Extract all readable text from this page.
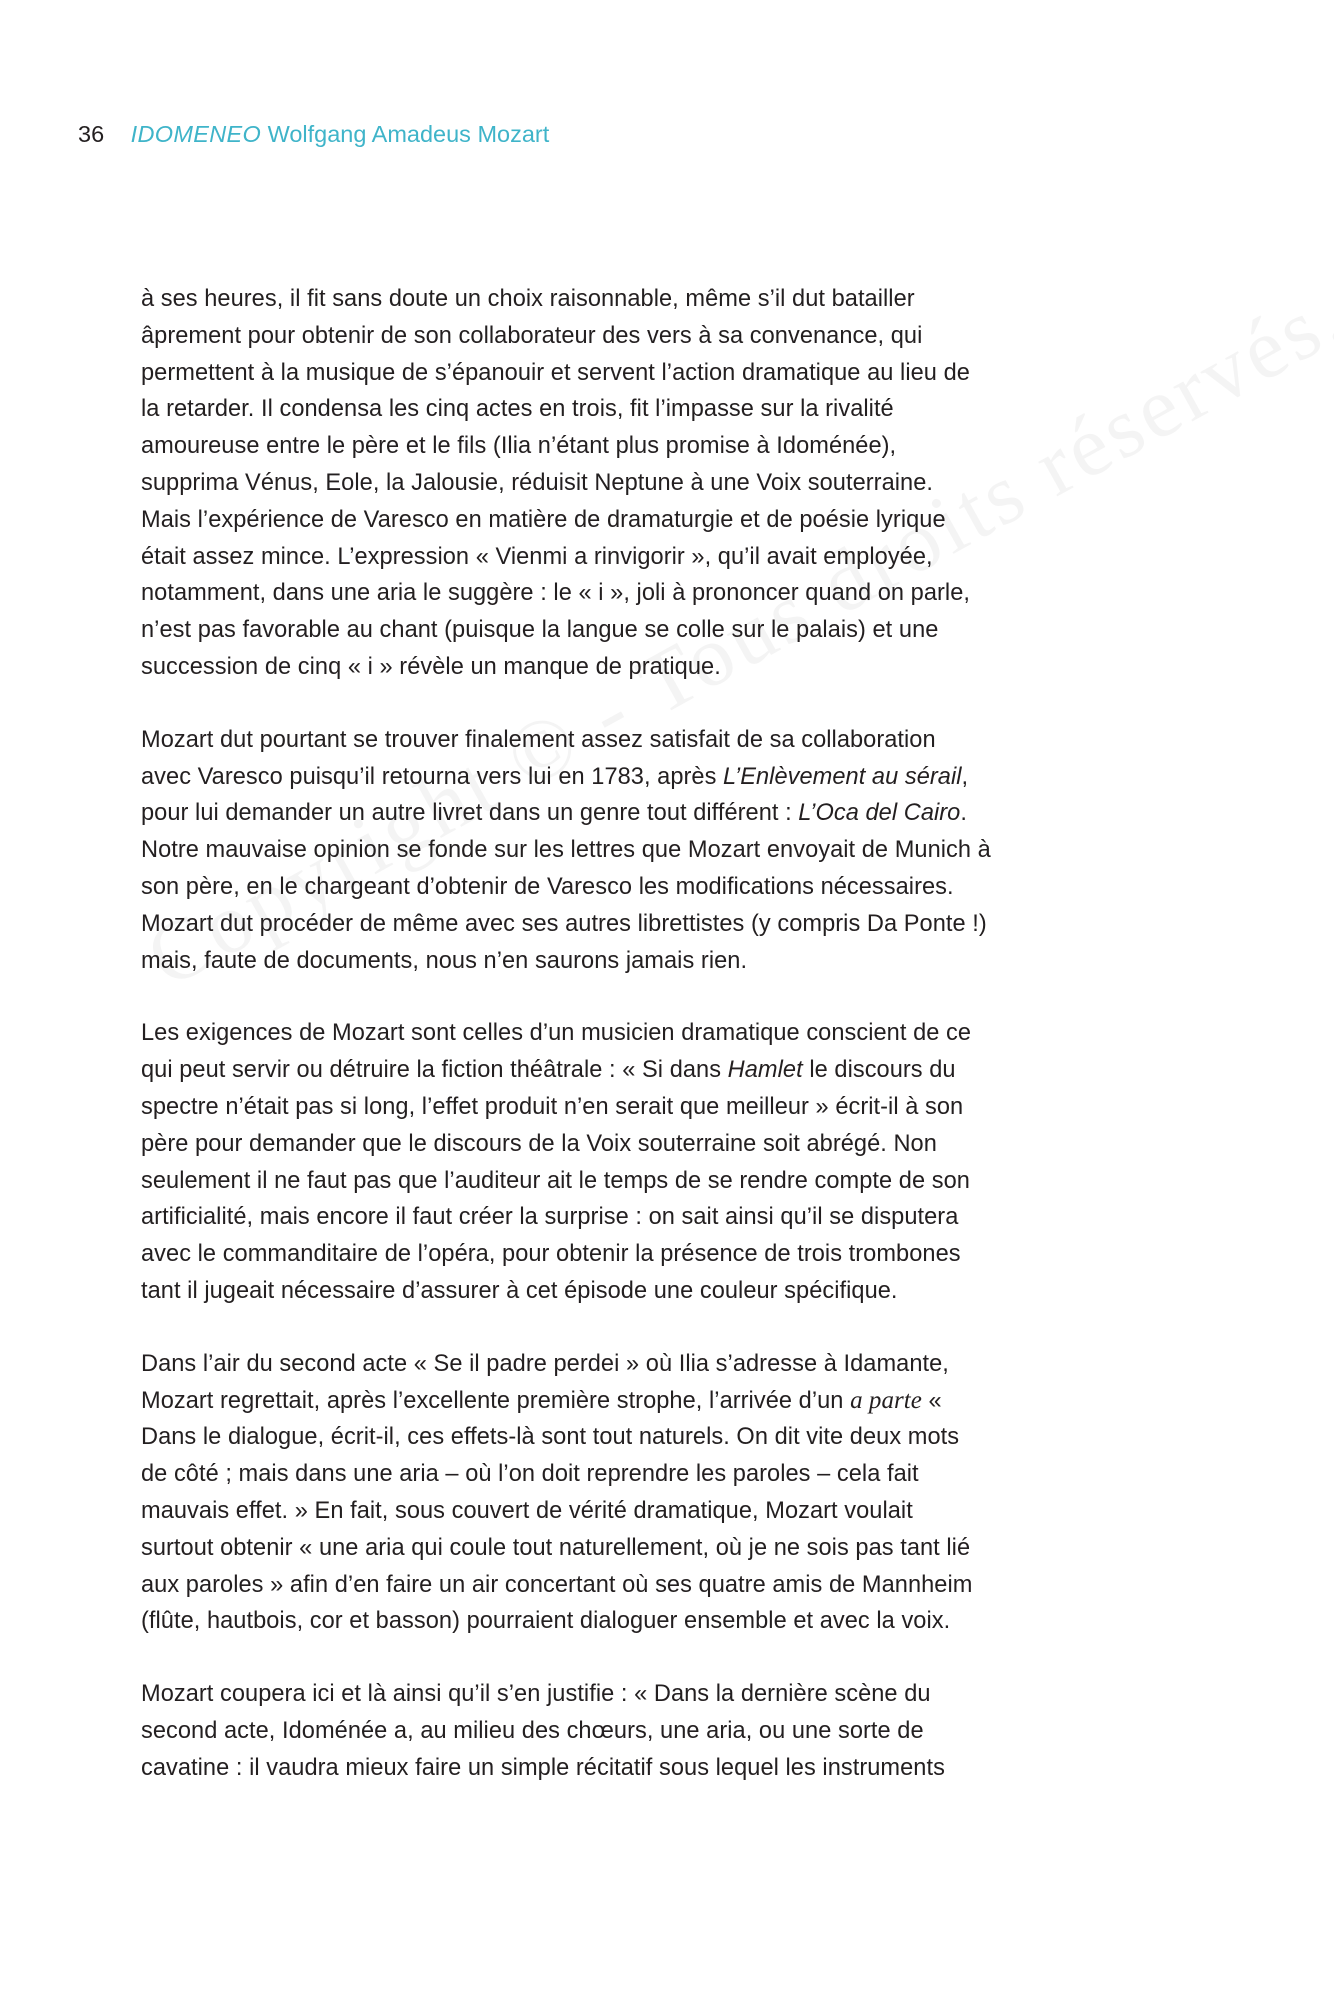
36 IDOMENEO Wolfgang Amadeus Mozart
à ses heures, il fit sans doute un choix raisonnable, même s’il dut batailler
âprement pour obtenir de son collaborateur des vers à sa convenance, qui
permettent à la musique de s’épanouir et servent l’action dramatique au lieu de
la retarder. Il condensa les cinq actes en trois, fit l’impasse sur la rivalité
amoureuse entre le père et le fils (Ilia n’étant plus promise à Idoménée),
supprima Vénus, Eole, la Jalousie, réduisit Neptune à une Voix souterraine.
Mais l’expérience de Varesco en matière de dramaturgie et de poésie lyrique
était assez mince. L’expression « Vienmi a rinvigorir », qu’il avait employée,
notamment, dans une aria le suggère : le « i », joli à prononcer quand on parle,
n’est pas favorable au chant (puisque la langue se colle sur le palais) et une
succession de cinq « i » révèle un manque de pratique.
Mozart dut pourtant se trouver finalement assez satisfait de sa collaboration
avec Varesco puisqu’il retourna vers lui en 1783, après L’Enlèvement au sérail,
pour lui demander un autre livret dans un genre tout différent : L’Oca del Cairo.
Notre mauvaise opinion se fonde sur les lettres que Mozart envoyait de Munich à
son père, en le chargeant d’obtenir de Varesco les modifications nécessaires.
Mozart dut procéder de même avec ses autres librettistes (y compris Da Ponte !)
mais, faute de documents, nous n’en saurons jamais rien.
Les exigences de Mozart sont celles d’un musicien dramatique conscient de ce
qui peut servir ou détruire la fiction théâtrale : « Si dans Hamlet le discours du
spectre n’était pas si long, l’effet produit n’en serait que meilleur » écrit-il à son
père pour demander que le discours de la Voix souterraine soit abrégé. Non
seulement il ne faut pas que l’auditeur ait le temps de se rendre compte de son
artificialité, mais encore il faut créer la surprise : on sait ainsi qu’il se disputera
avec le commanditaire de l’opéra, pour obtenir la présence de trois trombones
tant il jugeait nécessaire d’assurer à cet épisode une couleur spécifique.
Dans l’air du second acte « Se il padre perdei » où Ilia s’adresse à Idamante,
Mozart regrettait, après l’excellente première strophe, l’arrivée d’un a parte «
Dans le dialogue, écrit-il, ces effets-là sont tout naturels. On dit vite deux mots
de côté ; mais dans une aria – où l’on doit reprendre les paroles – cela fait
mauvais effet. » En fait, sous couvert de vérité dramatique, Mozart voulait
surtout obtenir « une aria qui coule tout naturellement, où je ne sois pas tant lié
aux paroles » afin d’en faire un air concertant où ses quatre amis de Mannheim
(flûte, hautbois, cor et basson) pourraient dialoguer ensemble et avec la voix.
Mozart coupera ici et là ainsi qu’il s’en justifie : « Dans la dernière scène du
second acte, Idoménée a, au milieu des chœurs, une aria, ou une sorte de
cavatine : il vaudra mieux faire un simple récitatif sous lequel les instruments
